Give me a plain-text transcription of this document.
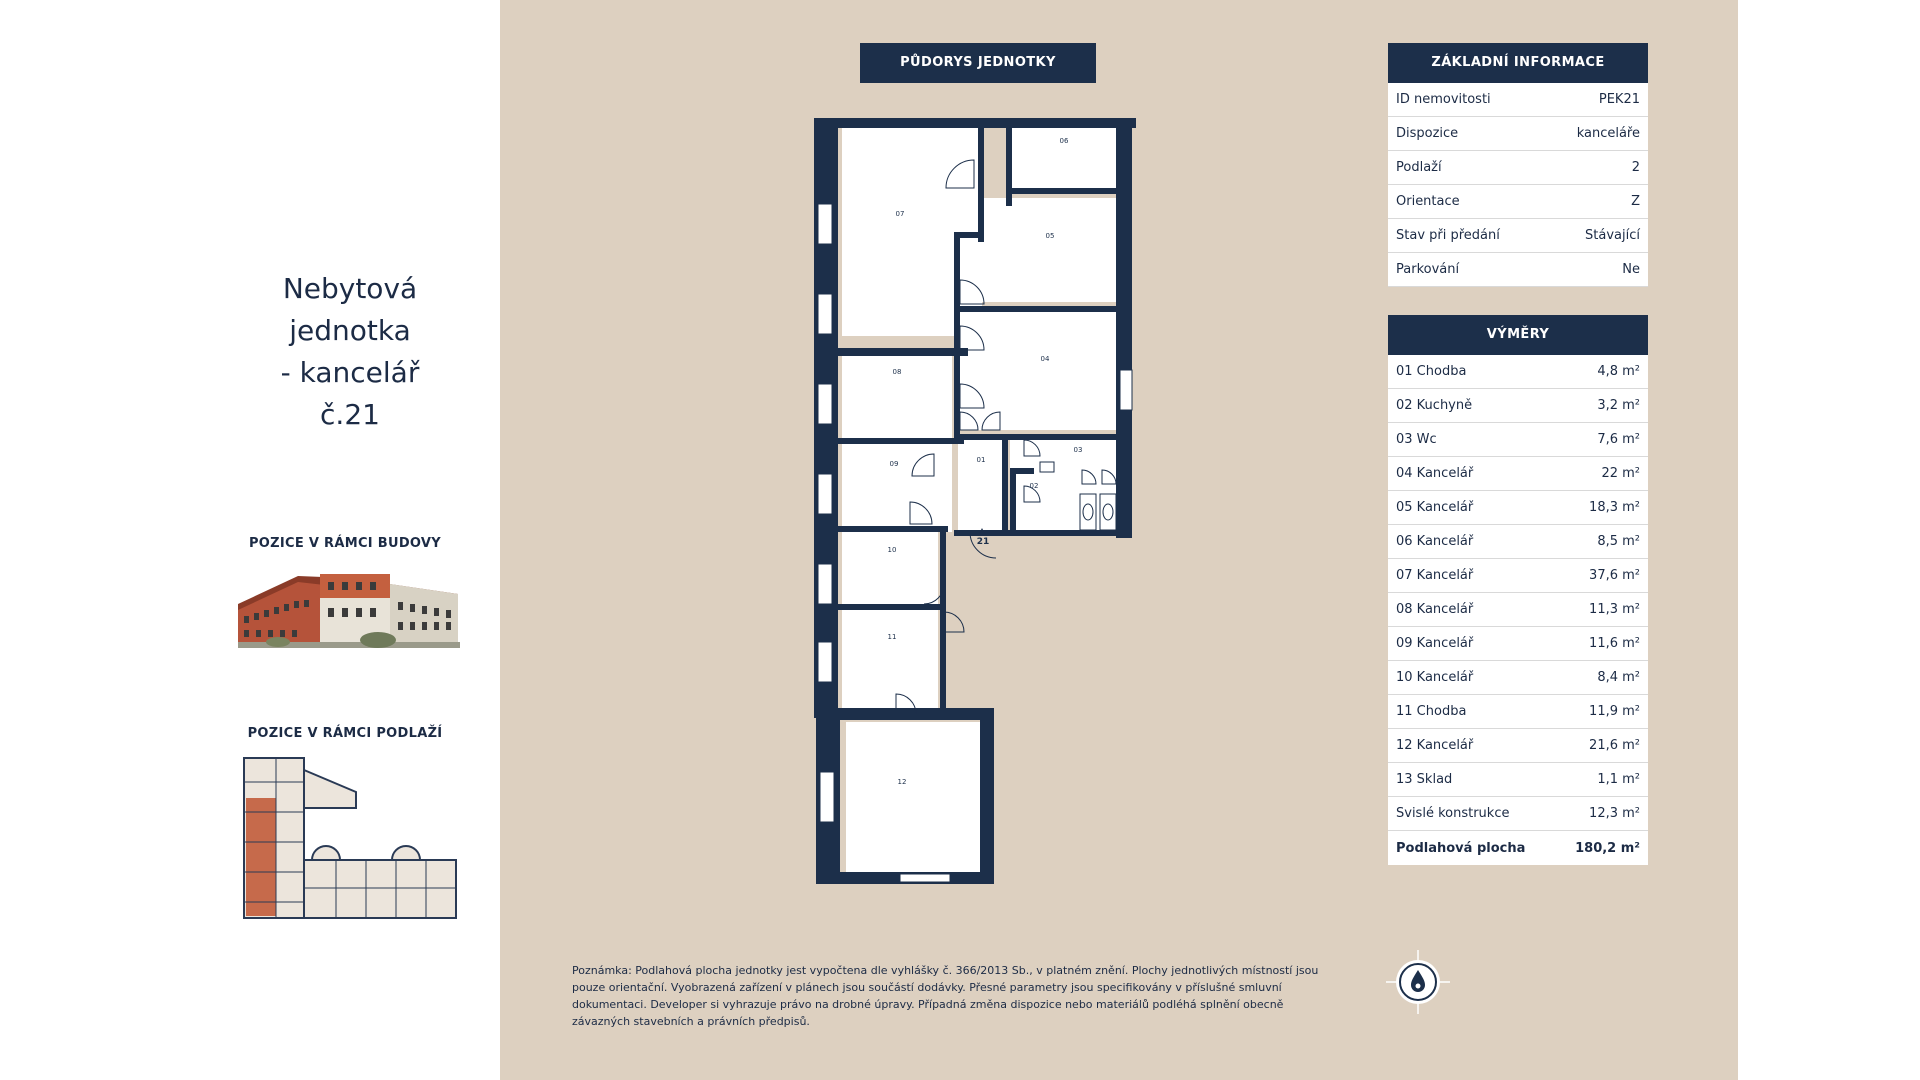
Nebytová
jednotka
- kancelář
č.21
POZICE V RÁMCI BUDOVY
POZICE V RÁMCI PODLAŽÍ
PŮDORYS JEDNOTKY
06
07
05
04
08
09	01
03
02
10
11
12
21
ZÁKLADNÍ INFORMACE
ID nemovitosti	PEK21
Dispozice	kanceláře
Podlaží	2
Orientace	Z
Stav při předání	Stávající
Parkování	Ne
VÝMĚRY
01 Chodba	4,8 m²
02 Kuchyně	3,2 m²
03 Wc	7,6 m²
04 Kancelář	22 m²
05 Kancelář	18,3 m²
06 Kancelář	8,5 m²
07 Kancelář	37,6 m²
08 Kancelář	11,3 m²
09 Kancelář	11,6 m²
10 Kancelář	8,4 m²
11 Chodba	11,9 m²
12 Kancelář	21,6 m²
13 Sklad	1,1 m²
Svislé konstrukce	12,3 m²
Podlahová plocha	180,2 m²
Poznámka: Podlahová plocha jednotky jest vypočtena dle vyhlášky č. 366/2013 Sb., v platném znění. Plochy jednotlivých místností jsou
pouze orientační. Vyobrazená zařízení v plánech jsou součástí dodávky. Přesné parametry jsou specifikovány v příslušné smluvní
dokumentaci. Developer si vyhrazuje právo na drobné úpravy. Případná změna dispozice nebo materiálů podléhá splnění obecně
závazných stavebních a právních předpisů.
